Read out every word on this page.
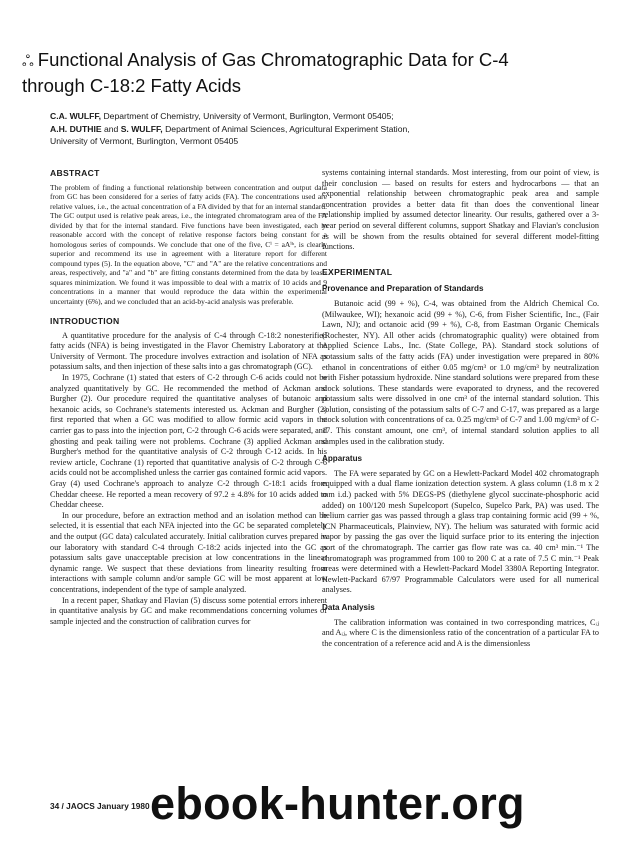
ஃ Functional Analysis of Gas Chromatographic Data for C-4
through C-18:2 Fatty Acids
C.A. WULFF, Department of Chemistry, University of Vermont, Burlington, Vermont 05405;
A.H. DUTHIE and S. WULFF, Department of Animal Sciences, Agricultural Experiment Station,
University of Vermont, Burlington, Vermont 05405
ABSTRACT

The problem of finding a functional relationship between concentration and output data from GC has been considered for a series of fatty acids (FA). The concentrations used are relative values, i.e., the actual concentration of a FA divided by that for an internal standard. The GC output used is relative peak areas, i.e., the integrated chromatogram area of the FA divided by that for the internal standard. Five functions have been investigated, each in reasonable accord with the concept of relative response factors being constant for a homologous series of compounds. We conclude that one of the five, Cⁱ = aAⁱᵇ, is clearly superior and recommend its use in agreement with a literature report for different compound types (5). In the equation above, "C" and "A" are the relative concentrations and areas, respectively, and "a" and "b" are fitting constants determined from the data by least-squares minimization. We found it was impossible to deal with a matrix of 10 acids and 9 concentrations in a manner that would reproduce the data within the experimental uncertainty (6%), and we concluded that an acid-by-acid analysis was preferable.

INTRODUCTION

A quantitative procedure for the analysis of C-4 through C-18:2 nonesterified fatty acids (NFA) is being investigated in the Flavor Chemistry Laboratory at the University of Vermont. The procedure involves extraction and isolation of NFA as potassium salts, and then injection of these salts into a gas chromatograph (GC).

In 1975, Cochrane (1) stated that esters of C-2 through C-6 acids could not be analyzed quantitatively by GC. He recommended the method of Ackman and Burgher (2). Our procedure required the quantitative analyses of butanoic and hexanoic acids, so Cochrane's statements interested us. Ackman and Burgher (2) first reported that when a GC was modified to allow formic acid vapors in the carrier gas to pass into the injection port, C-2 through C-6 acids were separated, and ghosting and peak tailing were not problems. Cochrane (3) applied Ackman and Burgher's method for the quantitative analysis of C-2 through C-12 acids. In his review article, Cochrane (1) reported that quantitative analysis of C-2 through C-6 acids could not be accomplished unless the carrier gas contained formic acid vapors. Gray (4) used Cochrane's approach to analyze C-2 through C-18:1 acids from Cheddar cheese. He reported a mean recovery of 97.2 ± 4.8% for 10 acids added to Cheddar cheese.

In our procedure, before an extraction method and an isolation method can be selected, it is essential that each NFA injected into the GC be separated completely and the output (GC data) calculated accurately. Initial calibration curves prepared in our laboratory with standard C-4 through C-18:2 acids injected into the GC as potassium salts gave unacceptable precision at low concentrations in the linear dynamic range. We suspect that these deviations from linearity resulting from interactions with sample column and/or sample GC will be most apparent at low concentrations, independent of the type of sample analyzed.

In a recent paper, Shatkay and Flavian (5) discuss some potential errors inherent in quantitative analysis by GC and make recommendations concerning volumes of sample injected and the construction of calibration curves for

systems containing internal standards. Most interesting, from our point of view, is their conclusion — based on results for esters and hydrocarbons — that an exponential relationship between chromatographic peak area and sample concentration provides a better data fit than does the conventional linear relationship implied by assumed detector linearity. Our results, gathered over a 3-year period on several different columns, support Shatkay and Flavian's conclusion as will be shown from the results obtained for several different model-fitting functions.

EXPERIMENTAL
Provenance and Preparation of Standards

Butanoic acid (99 + %), C-4, was obtained from the Aldrich Chemical Co. (Milwaukee, WI); hexanoic acid (99 + %), C-6, from Fisher Scientific, Inc., (Fair Lawn, NJ); and octanoic acid (99 + %), C-8, from Eastman Organic Chemicals (Rochester, NY). All other acids (chromatographic quality) were obtained from Applied Science Labs., Inc. (State College, PA). Standard stock solutions of potassium salts of the fatty acids (FA) under investigation were prepared in 80% ethanol in concentrations of either 0.05 mg/cm³ or 1.0 mg/cm³ by neutralization with Fisher potassium hydroxide. Nine standard solutions were prepared from these stock solutions. These standards were evaporated to dryness, and the recovered potassium salts were dissolved in one cm³ of the internal standard solution. This solution, consisting of the potassium salts of C-7 and C-17, was prepared as a large stock solution with concentrations of ca. 0.25 mg/cm³ of C-7 and 1.00 mg/cm³ of C-17. This constant amount, one cm³, of internal standard solution applies to all samples used in the calibration study.

Apparatus

The FA were separated by GC on a Hewlett-Packard Model 402 chromatograph equipped with a dual flame ionization detection system. A glass column (1.8 m x 2 mm i.d.) packed with 5% DEGS-PS (diethylene glycol succinate-phosphoric acid added) on 100/120 mesh Supelcoport (Supelco, Supelco Park, PA) was used. The helium carrier gas was passed through a glass trap containing formic acid (99 + %, ICN Pharmaceuticals, Plainview, NY). The helium was saturated with formic acid vapor by passing the gas over the liquid surface prior to its entering the injection port of the chromatograph. The carrier gas flow rate was ca. 40 cm³ min.⁻¹ The chromatograph was programmed from 100 to 200 C at a rate of 7.5 C min.⁻¹ Peak areas were determined with a Hewlett-Packard Model 3380A Reporting Integrator. Hewlett-Packard 67/97 Programmable Calculators were used for all numerical analyses.

Data Analysis

The calibration information was contained in two corresponding matrices, Cᵢⱼ and Aᵢⱼ, where C is the dimensionless ratio of the concentration of a particular FA to the concentration of a reference acid and A is the dimensionless

34 / JAOCS January 1980 ebook-hunter.org
